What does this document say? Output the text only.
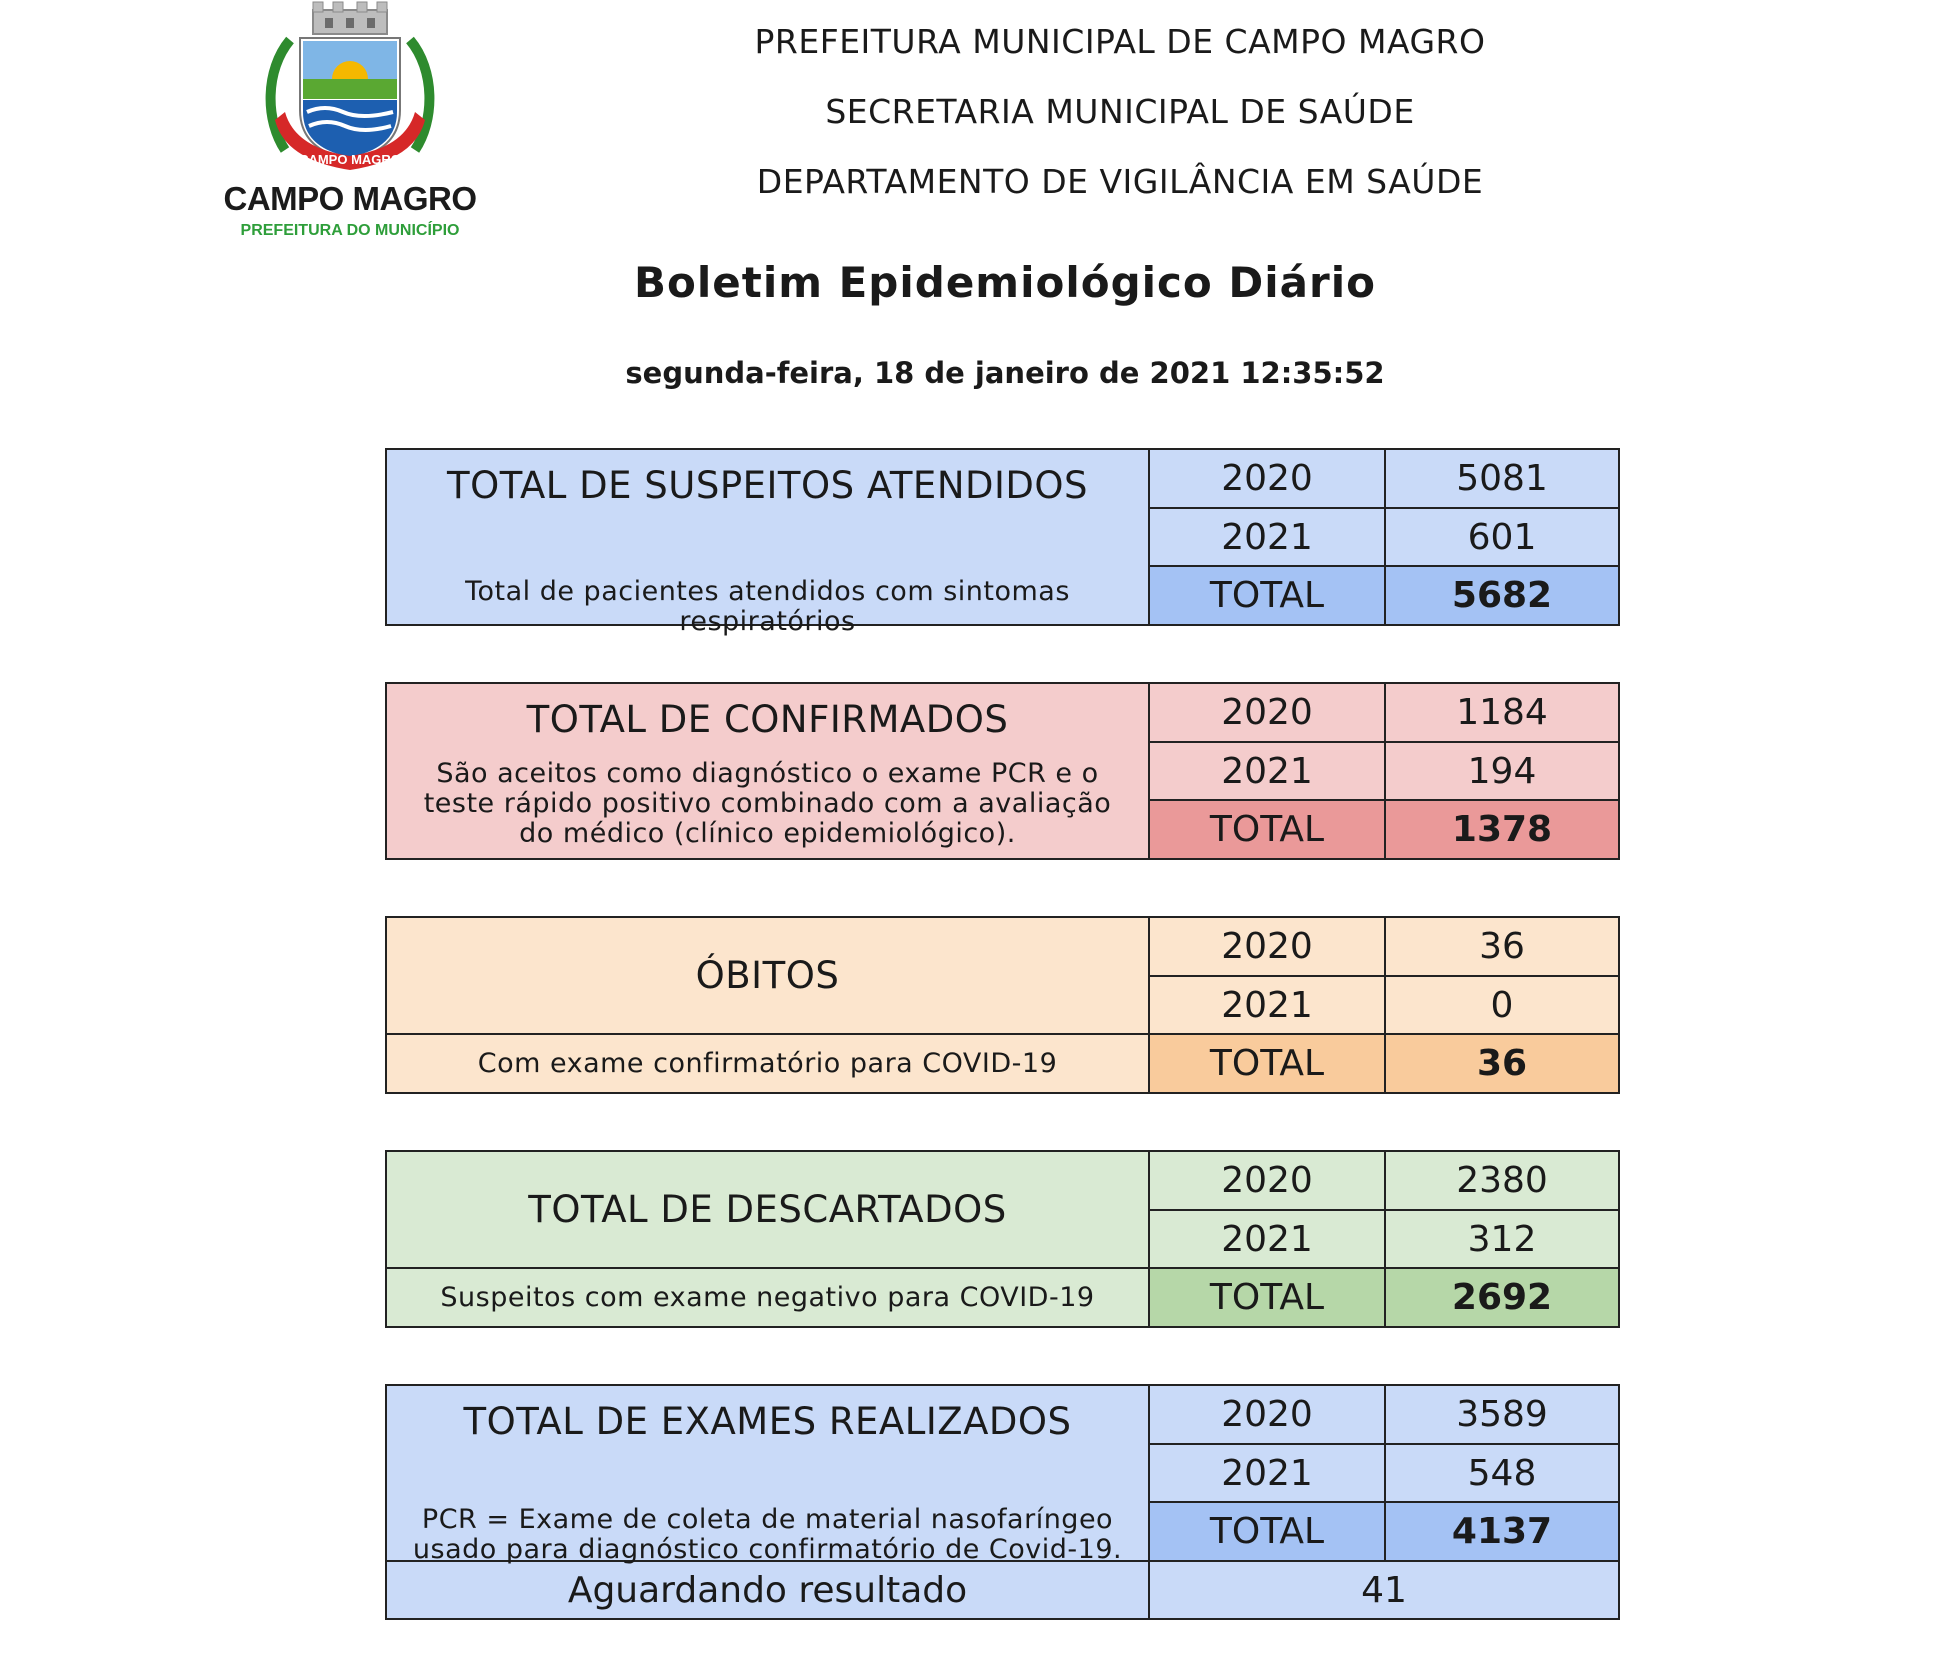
CAMPO MAGRO
CAMPO MAGRO
PREFEITURA DO MUNICÍPIO
PREFEITURA MUNICIPAL DE CAMPO MAGRO
SECRETARIA MUNICIPAL DE SAÚDE
DEPARTAMENTO DE VIGILÂNCIA EM SAÚDE
Boletim Epidemiológico Diário
segunda-feira, 18 de janeiro de 2021 12:35:52
TOTAL DE SUSPEITOS ATENDIDOS
Total de pacientes atendidos com sintomas respiratórios
2020	5081
2021	601
TOTAL	5682
TOTAL DE CONFIRMADOS
São aceitos como diagnóstico o exame PCR e o teste rápido positivo combinado com a avaliação do médico (clínico epidemiológico).
2020	1184
2021	194
TOTAL	1378
ÓBITOS
Com exame confirmatório para COVID-19
2020	36
2021	0
TOTAL	36
TOTAL DE DESCARTADOS
Suspeitos com exame negativo para COVID-19
2020	2380
2021	312
TOTAL	2692
TOTAL DE EXAMES REALIZADOS
PCR = Exame de coleta de material nasofaríngeo usado para diagnóstico confirmatório de Covid-19.
2020	3589
2021	548
TOTAL	4137
Aguardando resultado	41
